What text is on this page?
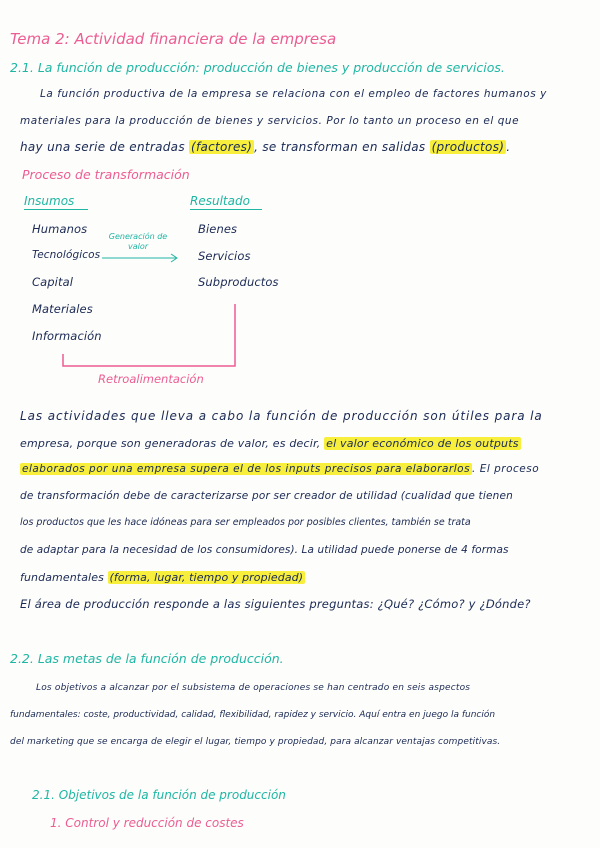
Tema 2: Actividad financiera de la empresa
2.1. La función de producción: producción de bienes y producción de servicios.
La función productiva de la empresa se relaciona con el empleo de factores humanos y
materiales para la producción de bienes y servicios. Por lo tanto un proceso en el que
hay una serie de entradas (factores) , se transforman en salidas (productos) .
Proceso de transformación
Insumos	Resultado
Humanos
Tecnológicos
Capital
Materiales
Información
Generación de valor
Bienes
Servicios
Subproductos
Retroalimentación
Las actividades que lleva a cabo la función de producción son útiles para la
empresa, porque son generadoras de valor, es decir, el valor económico de los outputs
elaborados por una empresa supera el de los inputs precisos para elaborarlos . El proceso
de transformación debe de caracterizarse por ser creador de utilidad (cualidad que tienen
los productos que les hace idóneas para ser empleados por posibles clientes, también se trata
de adaptar para la necesidad de los consumidores). La utilidad puede ponerse de 4 formas
fundamentales (forma, lugar, tiempo y propiedad)
El área de producción responde a las siguientes preguntas: ¿Qué? ¿Cómo? y ¿Dónde?
2.2. Las metas de la función de producción.
Los objetivos a alcanzar por el subsistema de operaciones se han centrado en seis aspectos
fundamentales: coste, productividad, calidad, flexibilidad, rapidez y servicio. Aquí entra en juego la función
del marketing que se encarga de elegir el lugar, tiempo y propiedad, para alcanzar ventajas competitivas.
2.1. Objetivos de la función de producción
1. Control y reducción de costes
